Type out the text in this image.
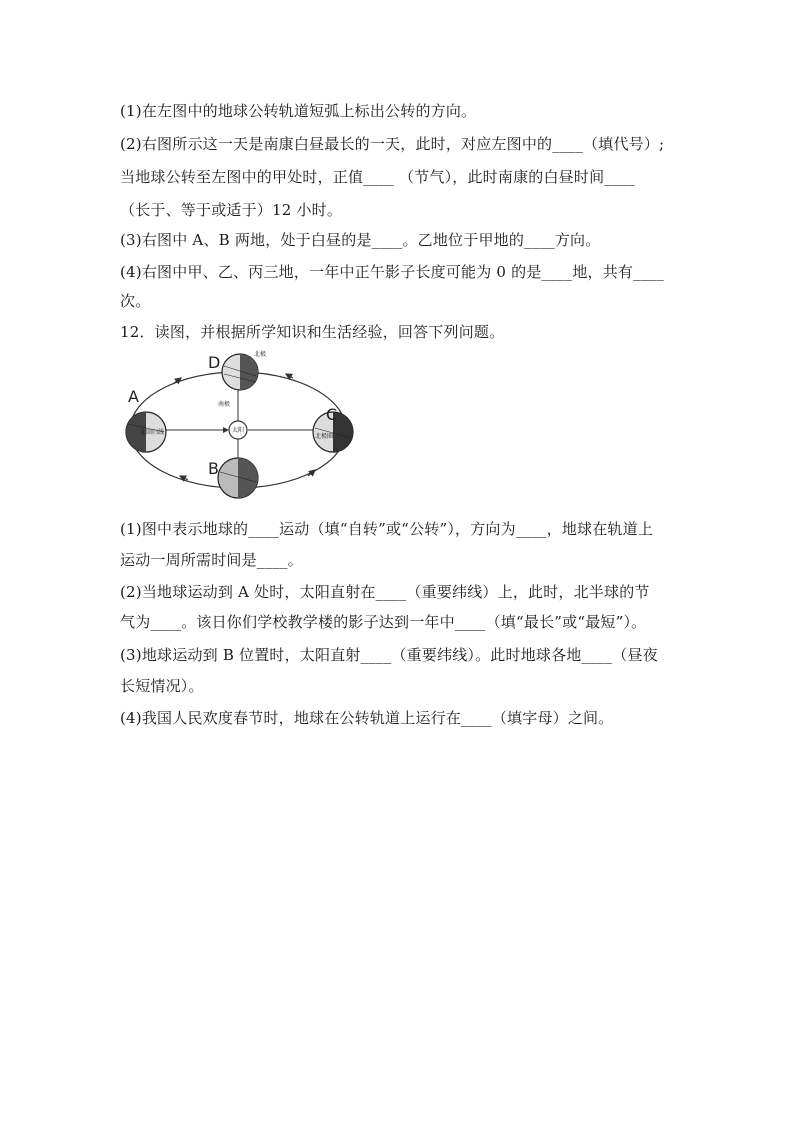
(1)在左图中的地球公转轨道短弧上标出公转的方向。
(2)右图所示这一天是南康白昼最长的一天，此时，对应左图中的____（填代号）;
当地球公转至左图中的甲处时，正值____ （节气），此时南康的白昼时间____
（长于、等于或适于）12 小时。
(3)右图中 A、B 两地，处于白昼的是____。乙地位于甲地的____方向。
(4)右图中甲、乙、丙三地，一年中正午影子长度可能为 0 的是____地，共有____
次。
12．读图，并根据所学知识和生活经验，回答下列问题。
太阳
北极
南极
北回归线
北极圈
A
B
C
D
(1)图中表示地球的____运动（填“自转”或“公转”），方向为____，地球在轨道上
运动一周所需时间是____。
(2)当地球运动到 A 处时，太阳直射在____（重要纬线）上，此时，北半球的节
气为____。该日你们学校教学楼的影子达到一年中____（填“最长”或“最短”）。
(3)地球运动到 B 位置时，太阳直射____（重要纬线）。此时地球各地____（昼夜
长短情况）。
(4)我国人民欢度春节时，地球在公转轨道上运行在____（填字母）之间。
